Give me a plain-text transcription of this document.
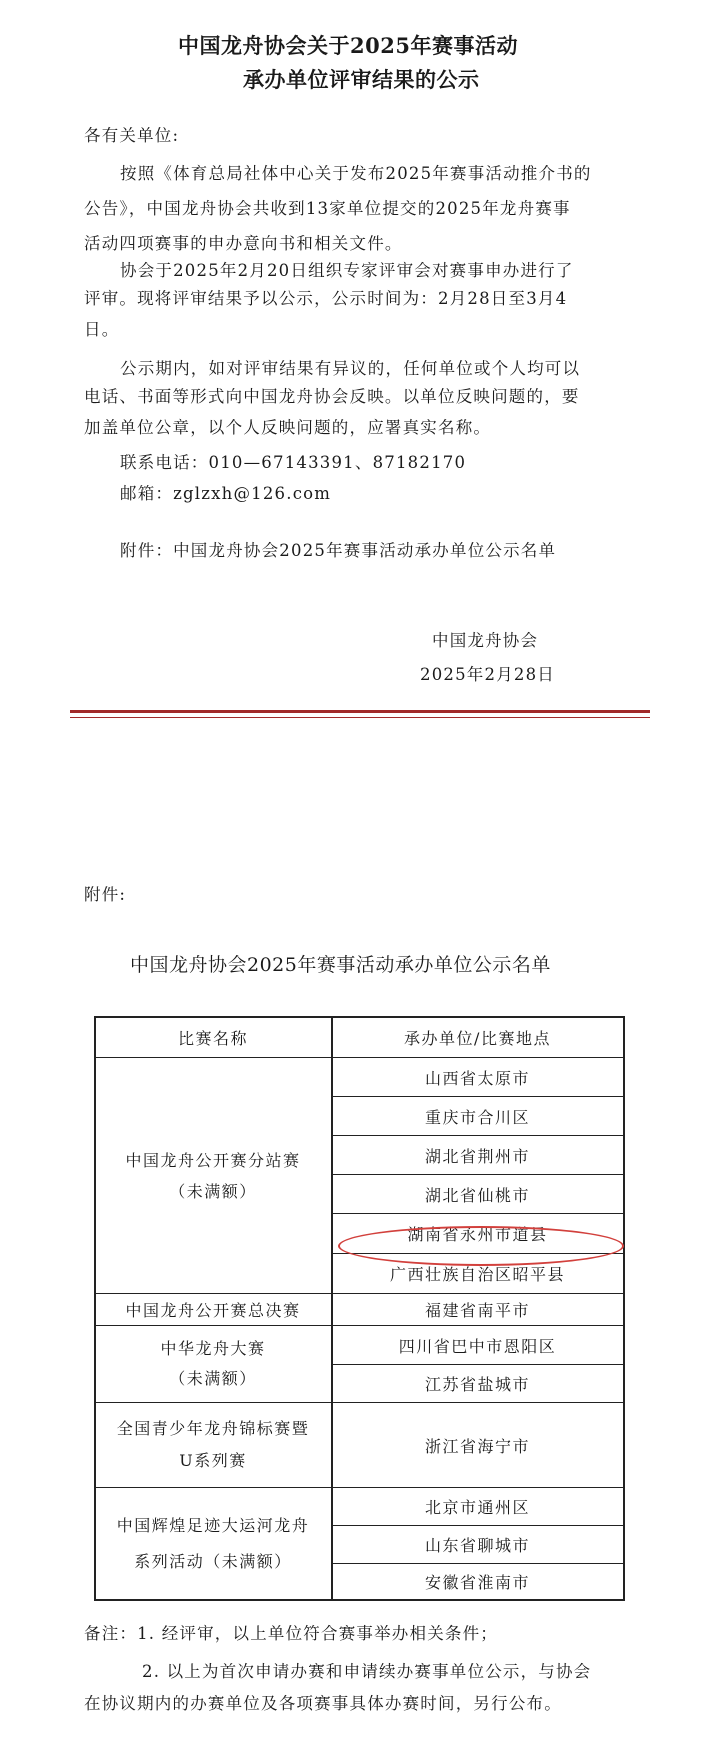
中国龙舟协会关于2025年赛事活动
承办单位评审结果的公示
各有关单位:
按照《体育总局社体中心关于发布2025年赛事活动推介书的
公告》，中国龙舟协会共收到13家单位提交的2025年龙舟赛事
活动四项赛事的申办意向书和相关文件。
协会于2025年2月20日组织专家评审会对赛事申办进行了
评审。现将评审结果予以公示，公示时间为：2月28日至3月4
日。
公示期内，如对评审结果有异议的，任何单位或个人均可以
电话、书面等形式向中国龙舟协会反映。以单位反映问题的，要
加盖单位公章，以个人反映问题的，应署真实名称。
联系电话：010—67143391、87182170
邮箱：zglzxh@126.com
附件：中国龙舟协会2025年赛事活动承办单位公示名单
中国龙舟协会
2025年2月28日
附件:
中国龙舟协会2025年赛事活动承办单位公示名单
比赛名称	承办单位/比赛地点
中国龙舟公开赛分站赛
（未满额）
山西省太原市
重庆市合川区
湖北省荆州市
湖北省仙桃市
湖南省永州市道县
广西壮族自治区昭平县
中国龙舟公开赛总决赛	福建省南平市
中华龙舟大赛
（未满额）
四川省巴中市恩阳区
江苏省盐城市
全国青少年龙舟锦标赛暨
U系列赛
浙江省海宁市
中国辉煌足迹大运河龙舟
系列活动（未满额）
北京市通州区
山东省聊城市
安徽省淮南市
备注：1. 经评审，以上单位符合赛事举办相关条件；
2. 以上为首次申请办赛和申请续办赛事单位公示，与协会
在协议期内的办赛单位及各项赛事具体办赛时间，另行公布。
